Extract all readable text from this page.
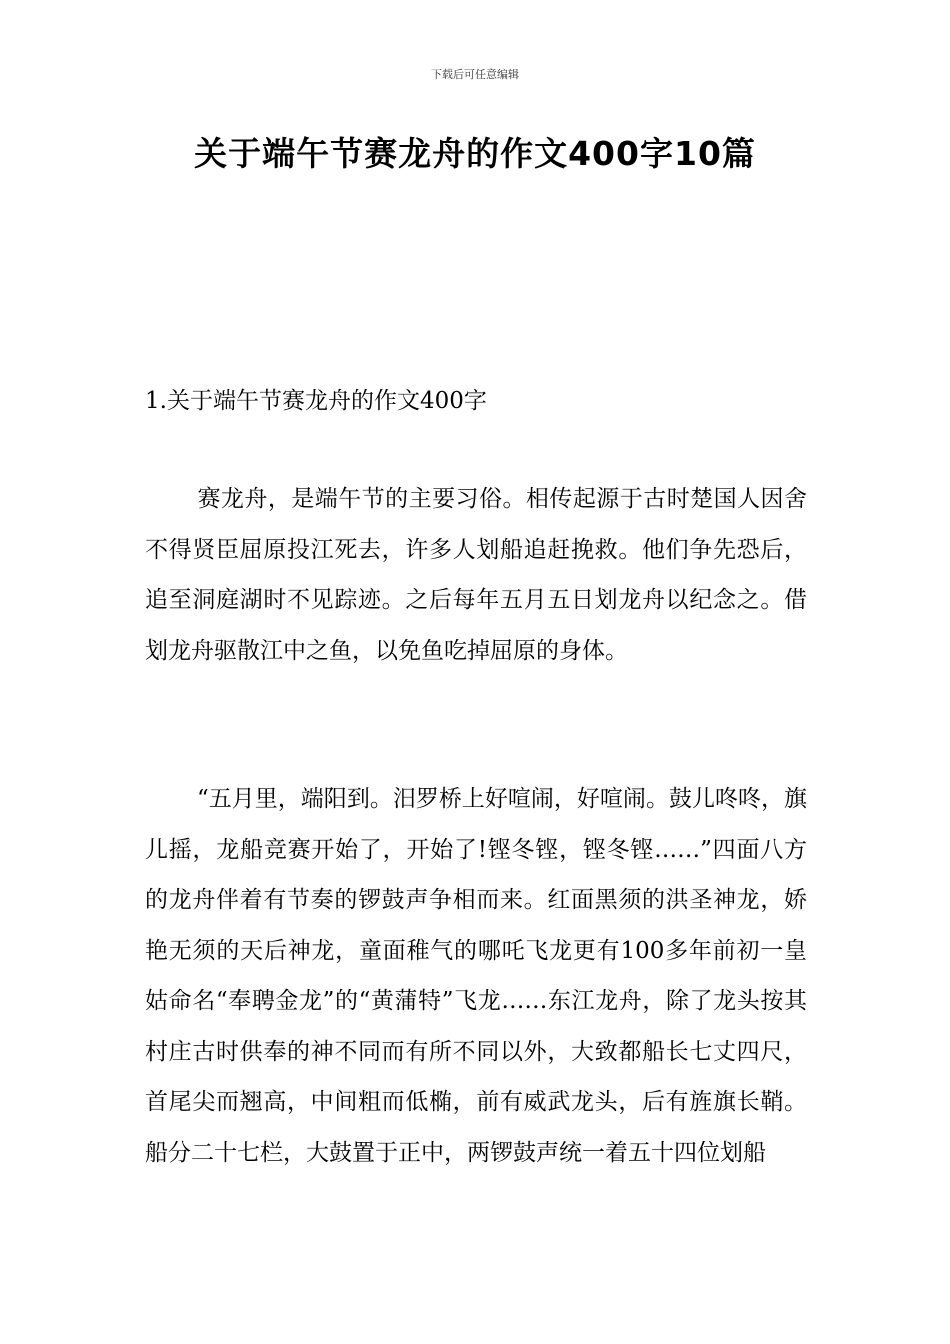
下载后可任意编辑
关于端午节赛龙舟的作文400字10篇
1.关于端午节赛龙舟的作文400字

赛龙舟，是端午节的主要习俗。相传起源于古时楚国人因舍不得贤臣屈原投江死去，许多人划船追赶挽救。他们争先恐后，追至洞庭湖时不见踪迹。之后每年五月五日划龙舟以纪念之。借划龙舟驱散江中之鱼，以免鱼吃掉屈原的身体。

“五月里，端阳到。汨罗桥上好喧闹，好喧闹。鼓儿咚咚，旗儿摇，龙船竞赛开始了，开始了!铿冬铿，铿冬铿……”四面八方的龙舟伴着有节奏的锣鼓声争相而来。红面黑须的洪圣神龙，娇艳无须的天后神龙，童面稚气的哪吒飞龙更有100多年前初一皇姑命名“奉聘金龙”的“黄蒲特”飞龙……东江龙舟，除了龙头按其村庄古时供奉的神不同而有所不同以外，大致都船长七丈四尺，首尾尖而翘高，中间粗而低椭，前有威武龙头，后有旌旗长鞘。船分二十七栏，大鼓置于正中，两锣鼓声统一着五十四位划船
